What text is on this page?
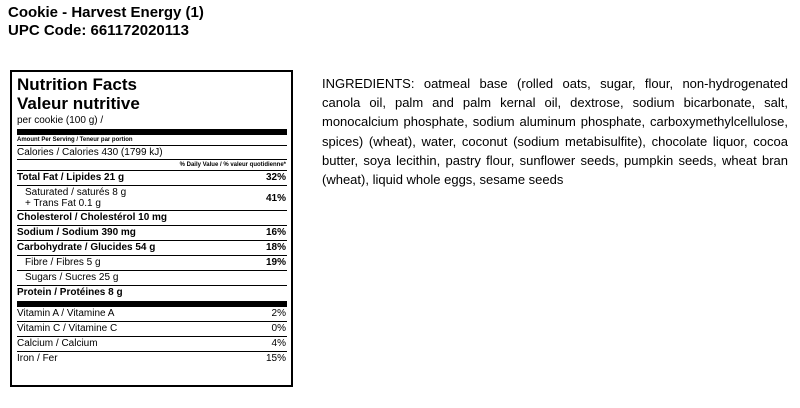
Cookie - Harvest Energy (1)
UPC Code: 661172020113
Nutrition Facts
Valeur nutritive
per cookie (100 g) /
Amount Per Serving / Teneur par portion
Calories / Calories 430 (1799 kJ)
% Daily Value / % valeur quotidienne*
Total Fat / Lipides 21 g	32%
Saturated / saturés 8 g
+ Trans Fat 0.1 g	41%
Cholesterol / Cholestérol 10 mg
Sodium / Sodium 390 mg	16%
Carbohydrate / Glucides 54 g	18%
Fibre / Fibres 5 g	19%
Sugars / Sucres 25 g
Protein / Protéines 8 g
Vitamin A / Vitamine A	2%
Vitamin C / Vitamine C	0%
Calcium / Calcium	4%
Iron / Fer	15%
INGREDIENTS: oatmeal base (rolled oats, sugar, flour, non-hydrogenated canola oil, palm and palm kernal oil, dextrose, sodium bicarbonate, salt, monocalcium phosphate, sodium aluminum phosphate, carboxymethylcellulose, spices) (wheat), water, coconut (sodium metabisulfite), chocolate liquor, cocoa butter, soya lecithin, pastry flour, sunflower seeds, pumpkin seeds, wheat bran (wheat), liquid whole eggs, sesame seeds
